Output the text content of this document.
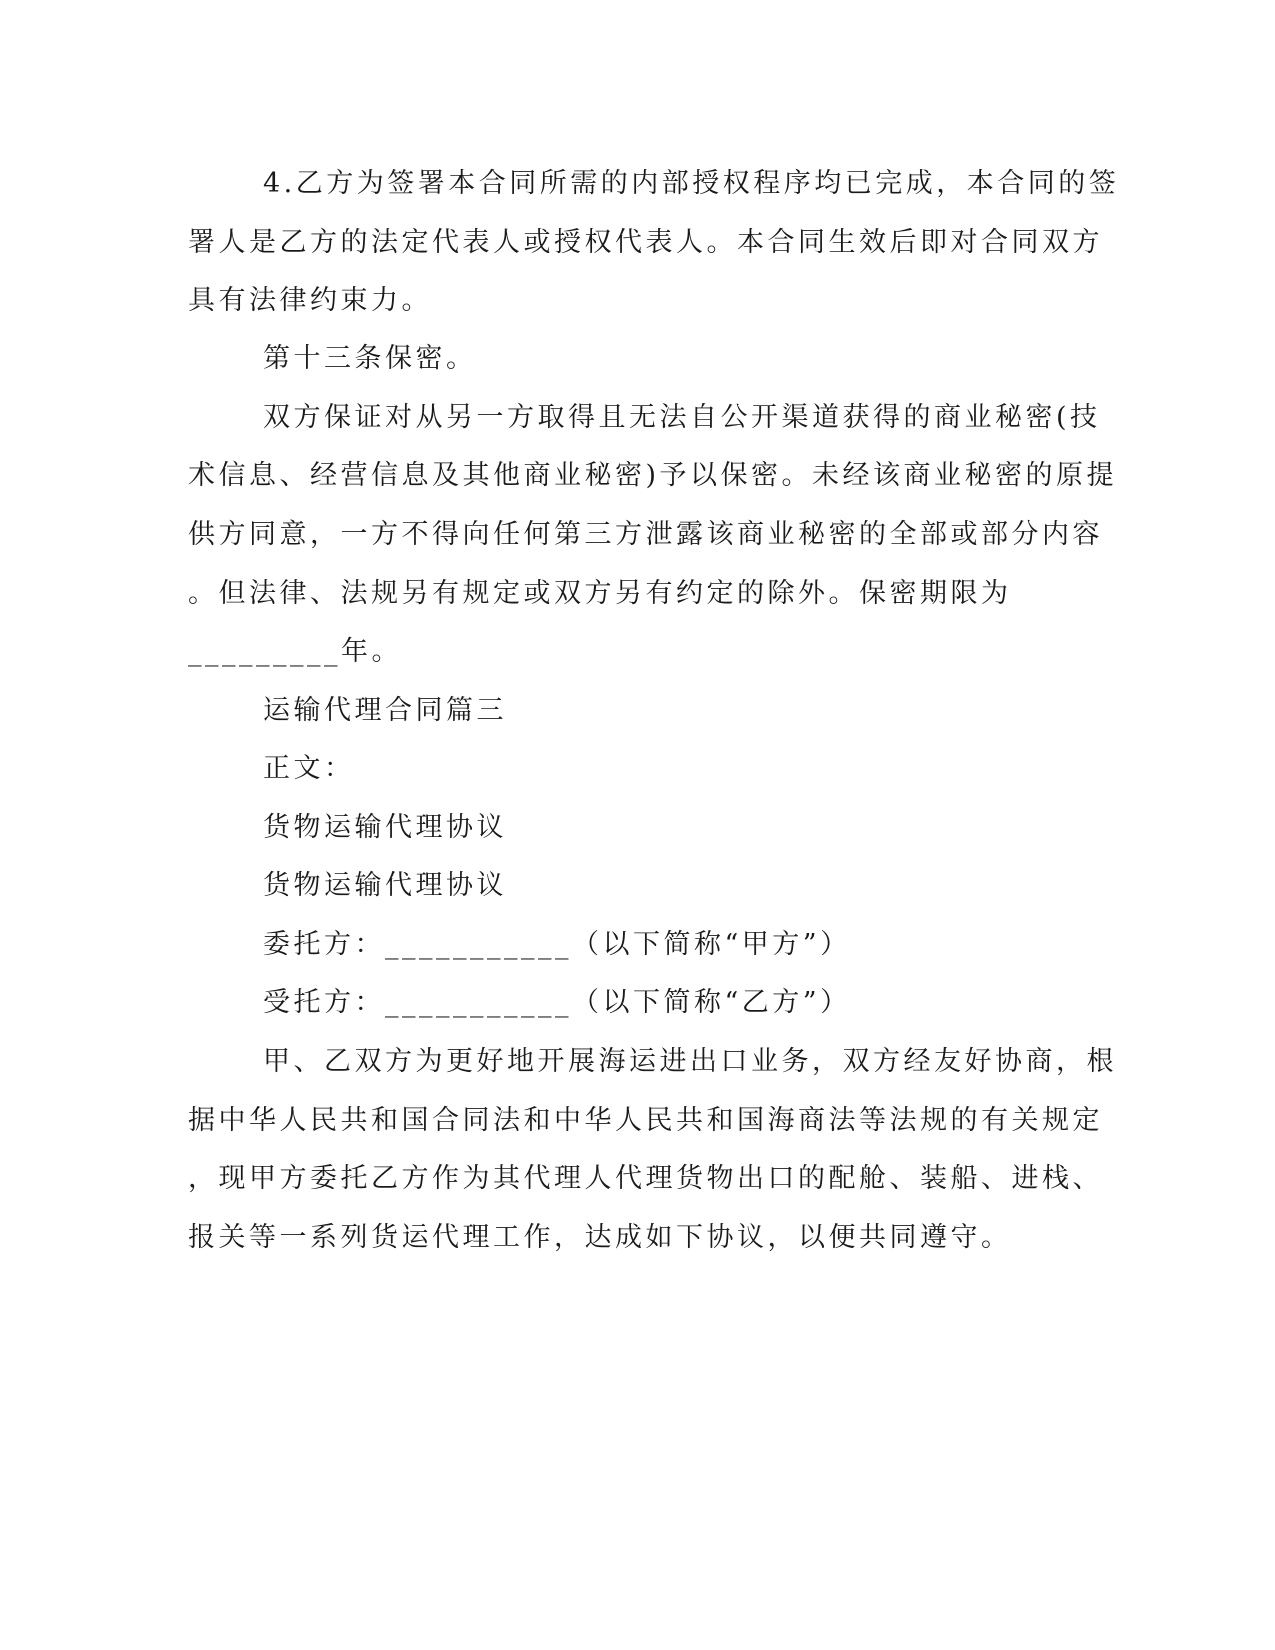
4.乙方为签署本合同所需的内部授权程序均已完成，本合同的签
署人是乙方的法定代表人或授权代表人。本合同生效后即对合同双方
具有法律约束力。
第十三条保密。
双方保证对从另一方取得且无法自公开渠道获得的商业秘密(技
术信息、经营信息及其他商业秘密)予以保密。未经该商业秘密的原提
供方同意，一方不得向任何第三方泄露该商业秘密的全部或部分内容
。但法律、法规另有规定或双方另有约定的除外。保密期限为
_________年。
运输代理合同篇三
正文：
货物运输代理协议
货物运输代理协议
委托方：___________（以下简称“甲方”）
受托方：___________（以下简称“乙方”）
甲、乙双方为更好地开展海运进出口业务，双方经友好协商，根
据中华人民共和国合同法和中华人民共和国海商法等法规的有关规定
，现甲方委托乙方作为其代理人代理货物出口的配舱、装船、进栈、
报关等一系列货运代理工作，达成如下协议，以便共同遵守。
